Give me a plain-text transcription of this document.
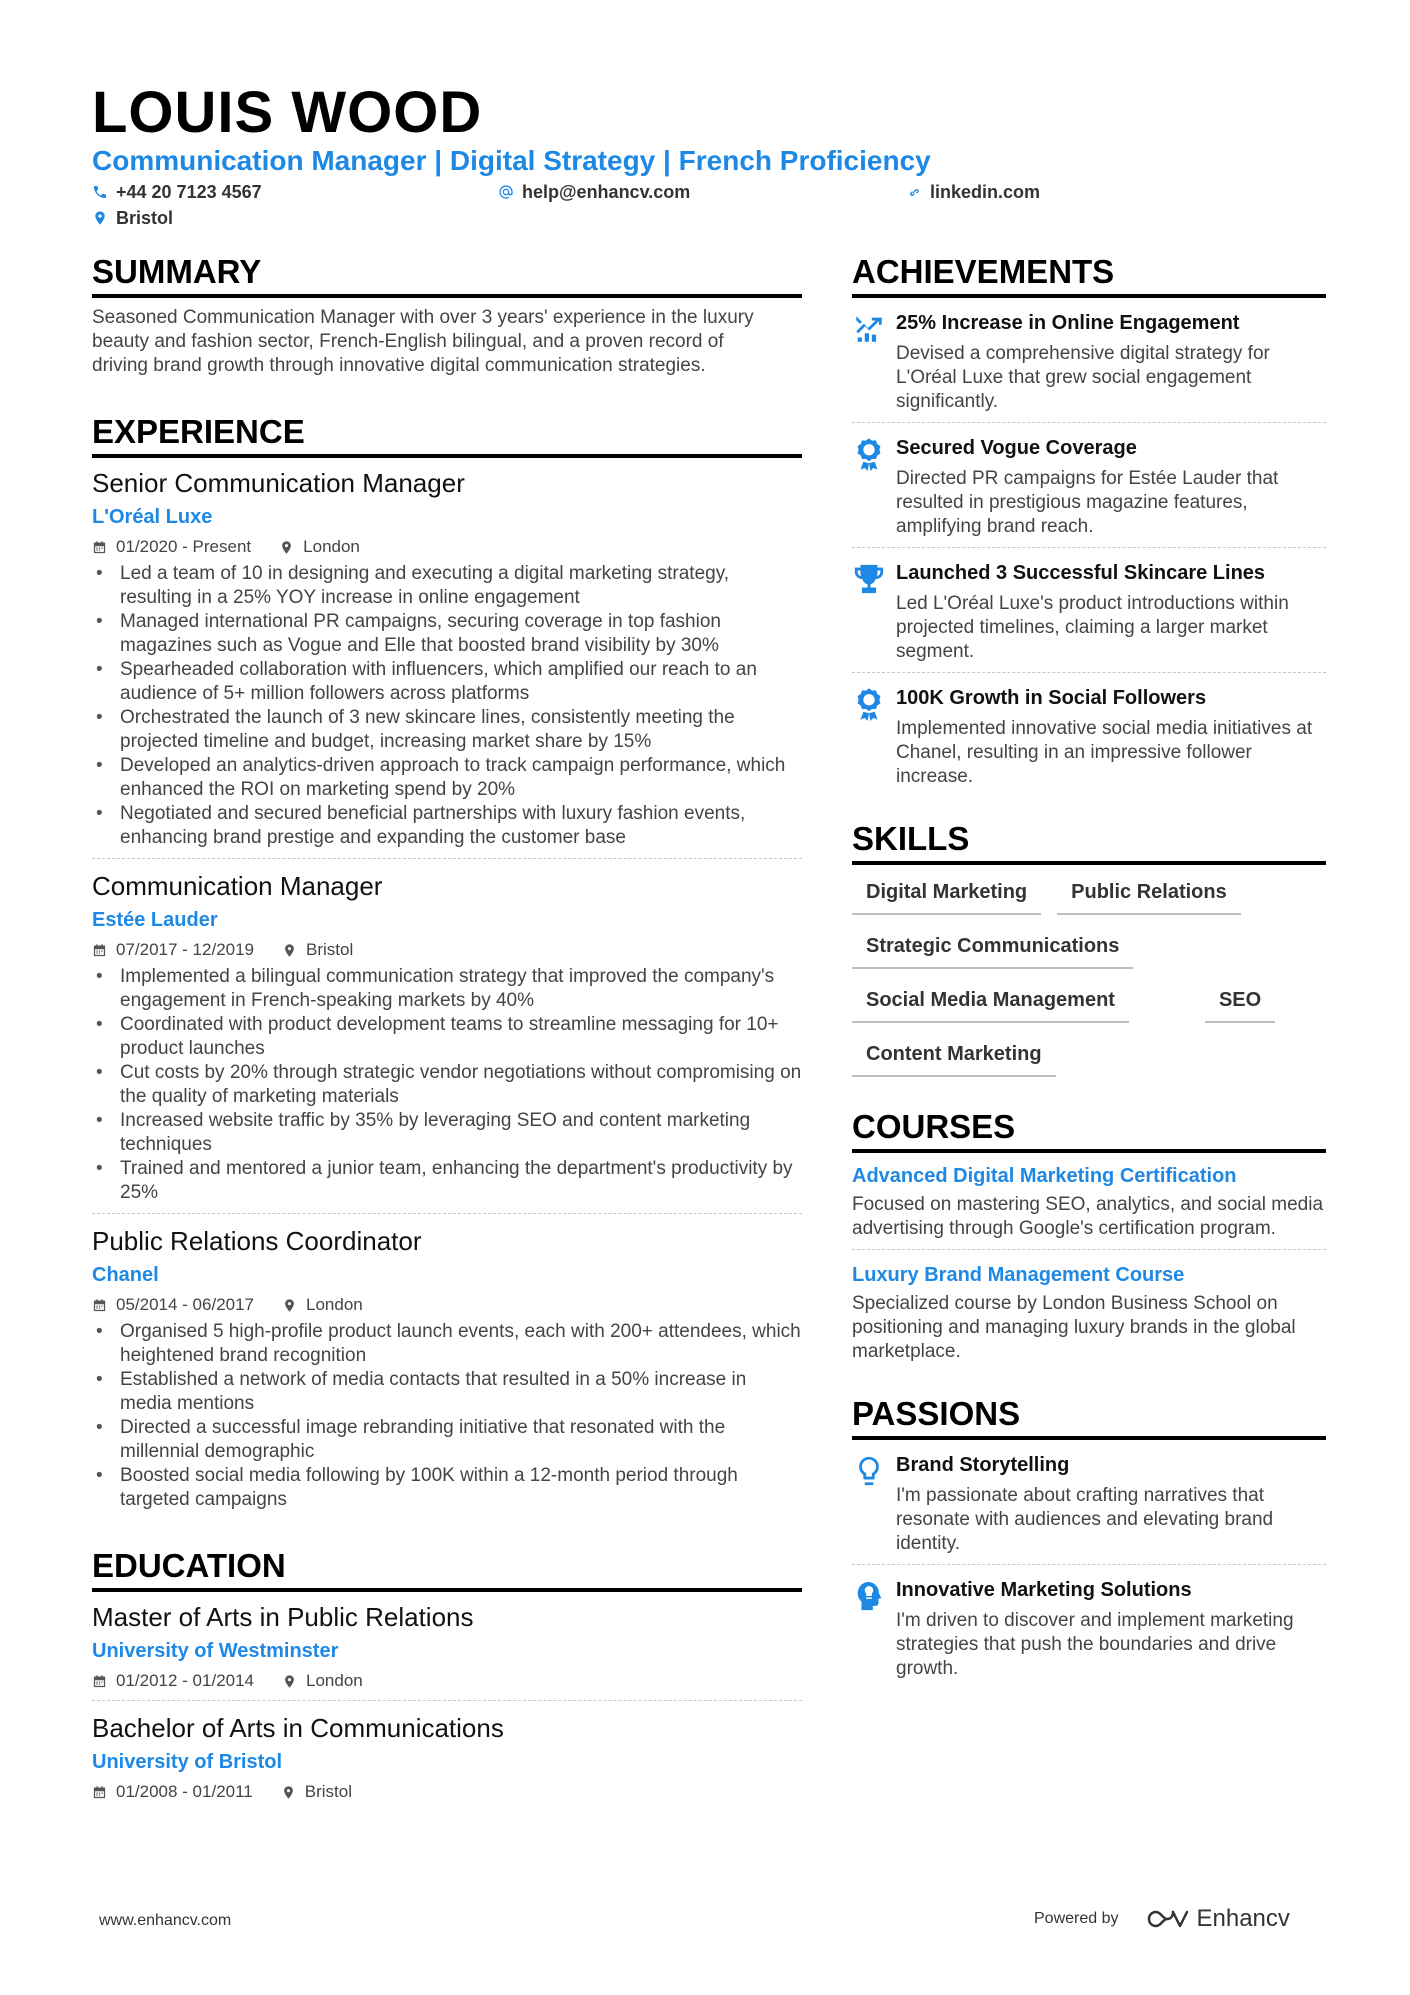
LOUIS WOOD
Communication Manager | Digital Strategy | French Proficiency
+44 20 7123 4567	help@enhancv.com	linkedin.com
Bristol
SUMMARY
Seasoned Communication Manager with over 3 years' experience in the luxury beauty and fashion sector, French-English bilingual, and a proven record of driving brand growth through innovative digital communication strategies.
EXPERIENCE
Senior Communication Manager
L'Oréal Luxe
01/2020 - Present	London
• Led a team of 10 in designing and executing a digital marketing strategy, resulting in a 25% YOY increase in online engagement
• Managed international PR campaigns, securing coverage in top fashion magazines such as Vogue and Elle that boosted brand visibility by 30%
• Spearheaded collaboration with influencers, which amplified our reach to an audience of 5+ million followers across platforms
• Orchestrated the launch of 3 new skincare lines, consistently meeting the projected timeline and budget, increasing market share by 15%
• Developed an analytics-driven approach to track campaign performance, which enhanced the ROI on marketing spend by 20%
• Negotiated and secured beneficial partnerships with luxury fashion events, enhancing brand prestige and expanding the customer base
Communication Manager
Estée Lauder
07/2017 - 12/2019	Bristol
• Implemented a bilingual communication strategy that improved the company's engagement in French-speaking markets by 40%
• Coordinated with product development teams to streamline messaging for 10+ product launches
• Cut costs by 20% through strategic vendor negotiations without compromising on the quality of marketing materials
• Increased website traffic by 35% by leveraging SEO and content marketing techniques
• Trained and mentored a junior team, enhancing the department's productivity by 25%
Public Relations Coordinator
Chanel
05/2014 - 06/2017	London
• Organised 5 high-profile product launch events, each with 200+ attendees, which heightened brand recognition
• Established a network of media contacts that resulted in a 50% increase in media mentions
• Directed a successful image rebranding initiative that resonated with the millennial demographic
• Boosted social media following by 100K within a 12-month period through targeted campaigns
EDUCATION
Master of Arts in Public Relations
University of Westminster
01/2012 - 01/2014	London
Bachelor of Arts in Communications
University of Bristol
01/2008 - 01/2011	Bristol
ACHIEVEMENTS
25% Increase in Online Engagement
Devised a comprehensive digital strategy for L'Oréal Luxe that grew social engagement significantly.
Secured Vogue Coverage
Directed PR campaigns for Estée Lauder that resulted in prestigious magazine features, amplifying brand reach.
Launched 3 Successful Skincare Lines
Led L'Oréal Luxe's product introductions within projected timelines, claiming a larger market segment.
100K Growth in Social Followers
Implemented innovative social media initiatives at Chanel, resulting in an impressive follower increase.
SKILLS
Digital Marketing	Public Relations
Strategic Communications
Social Media Management	SEO
Content Marketing
COURSES
Advanced Digital Marketing Certification
Focused on mastering SEO, analytics, and social media advertising through Google's certification program.
Luxury Brand Management Course
Specialized course by London Business School on positioning and managing luxury brands in the global marketplace.
PASSIONS
Brand Storytelling
I'm passionate about crafting narratives that resonate with audiences and elevating brand identity.
Innovative Marketing Solutions
I'm driven to discover and implement marketing strategies that push the boundaries and drive growth.
www.enhancv.com	Powered by	Enhancv
